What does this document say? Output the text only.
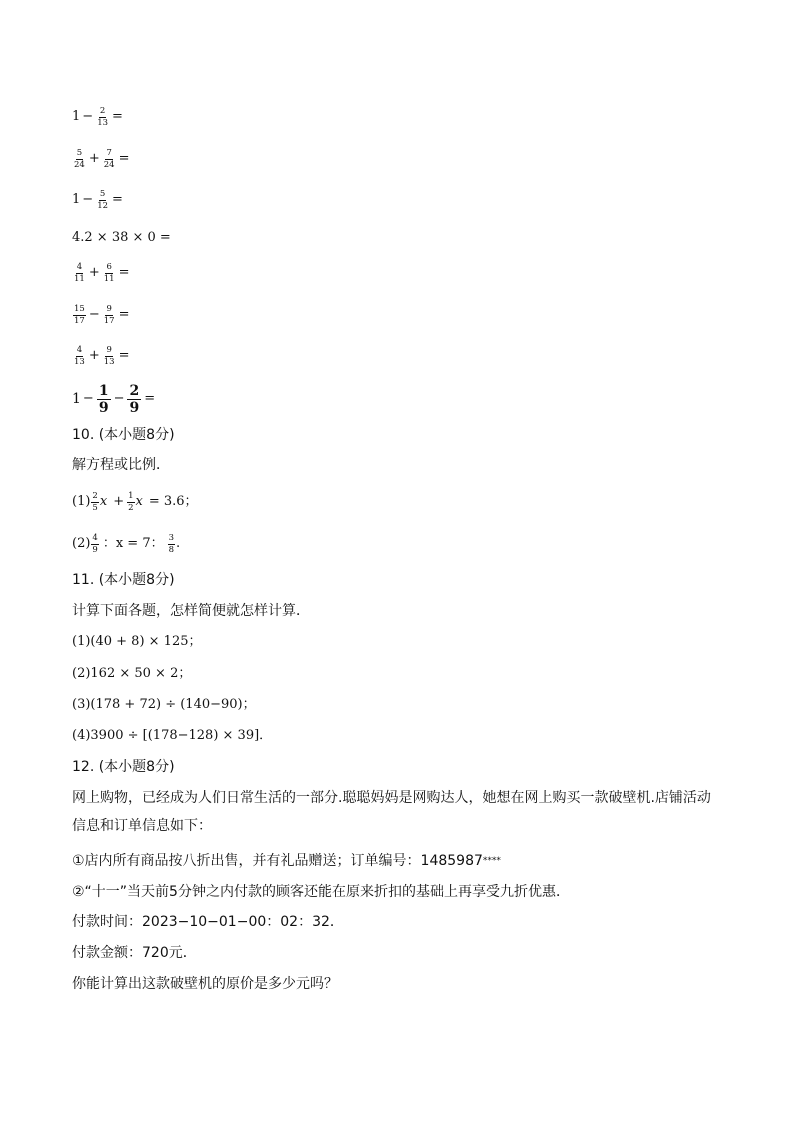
$1 - \frac{2}{13}$ =
$\frac{5}{24} + \frac{7}{24}$ =
$1 - \frac{5}{12}$ =
4.2 × 38 × 0 =
$\frac{4}{11} + \frac{6}{11}$ =
$\frac{15}{17} - \frac{9}{17}$ =
$\frac{4}{13} + \frac{9}{13}$ =
$1 - \frac{1}{9} - \frac{2}{9}$ =
10. (本小题8分)
解方程或比例．
$(1) \frac{2}{5}$ $x + \frac{1}{2}$ x = 3.6；
$(2) \frac{4}{9}$ ：x = 7： $\frac{3}{8}$ .
11. (本小题8分)
计算下面各题，怎样简便就怎样计算．
(1)(40 + 8) × 125；
(2)162 × 50 × 2；
(3)(178 + 72) ÷ (140−90)；
(4)3900 ÷ [(178−128) × 39]．
12. (本小题8分)
网上购物，已经成为人们日常生活的一部分.聪聪妈妈是网购达人，她想在网上购买一款破壁机.店铺活动信息和订单信息如下：
①店内所有商品按八折出售，并有礼品赠送；订单编号：1485987 ****
②“十一”当天前5分钟之内付款的顾客还能在原来折扣的基础上再享受九折优惠．
付款时间：2023−10−01−00：02：32．
付款金额：720元．
你能计算出这款破壁机的原价是多少元吗？
